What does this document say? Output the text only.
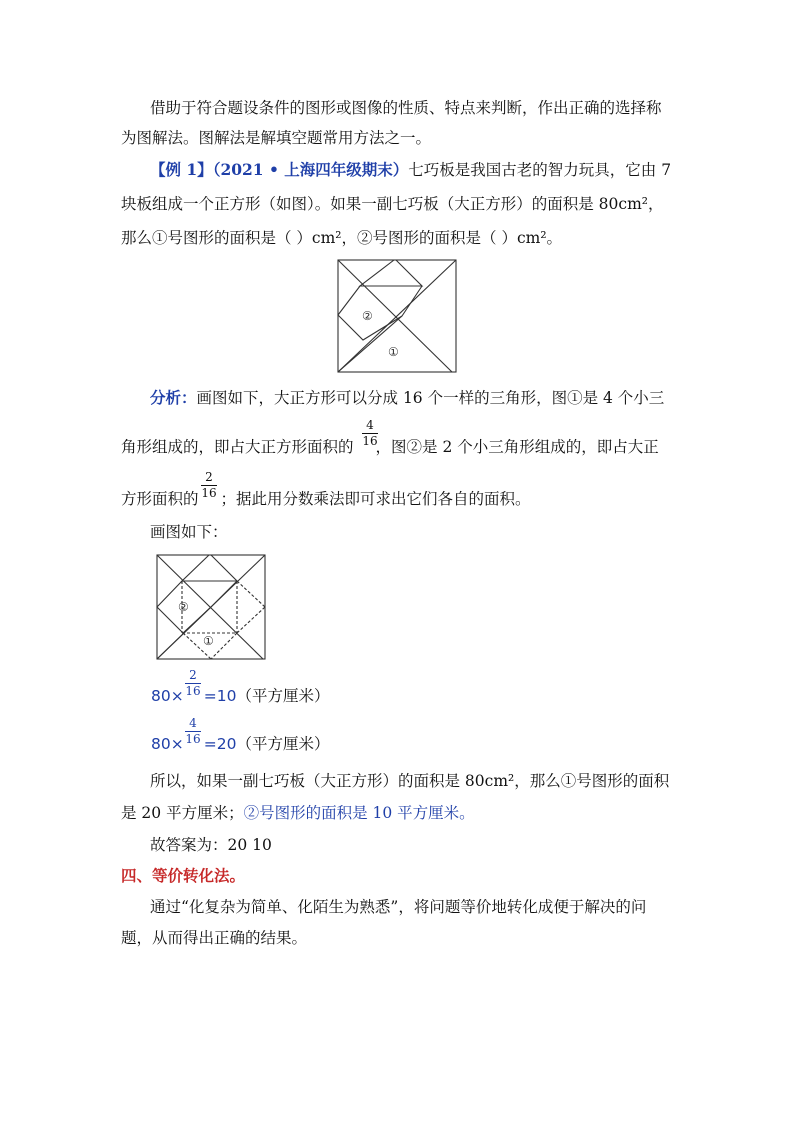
借助于符合题设条件的图形或图像的性质、特点来判断，作出正确的选择称
为图解法。图解法是解填空题常用方法之一。
【例 1】（2021 • 上海四年级期末）七巧板是我国古老的智力玩具，它由 7
块板组成一个正方形（如图）。如果一副七巧板（大正方形）的面积是 80cm²，
那么①号图形的面积是（ ）cm²，②号图形的面积是（ ）cm²。
②
①
分析：画图如下，大正方形可以分成 16 个一样的三角形，图①是 4 个小三
角形组成的，即占大正方形面积的 ，图②是 2 个小三角形组成的，即占大正
4
16
方形面积的 ；据此用分数乘法即可求出它们各自的面积。
2
16
画图如下：
②
①
80× =10（平方厘米）
2
16
80× =20（平方厘米）
4
16
所以，如果一副七巧板（大正方形）的面积是 80cm²，那么①号图形的面积
是 20 平方厘米；②号图形的面积是 10 平方厘米。
故答案为：20 10
四、等价转化法。
通过“化复杂为简单、化陌生为熟悉”，将问题等价地转化成便于解决的问
题，从而得出正确的结果。
